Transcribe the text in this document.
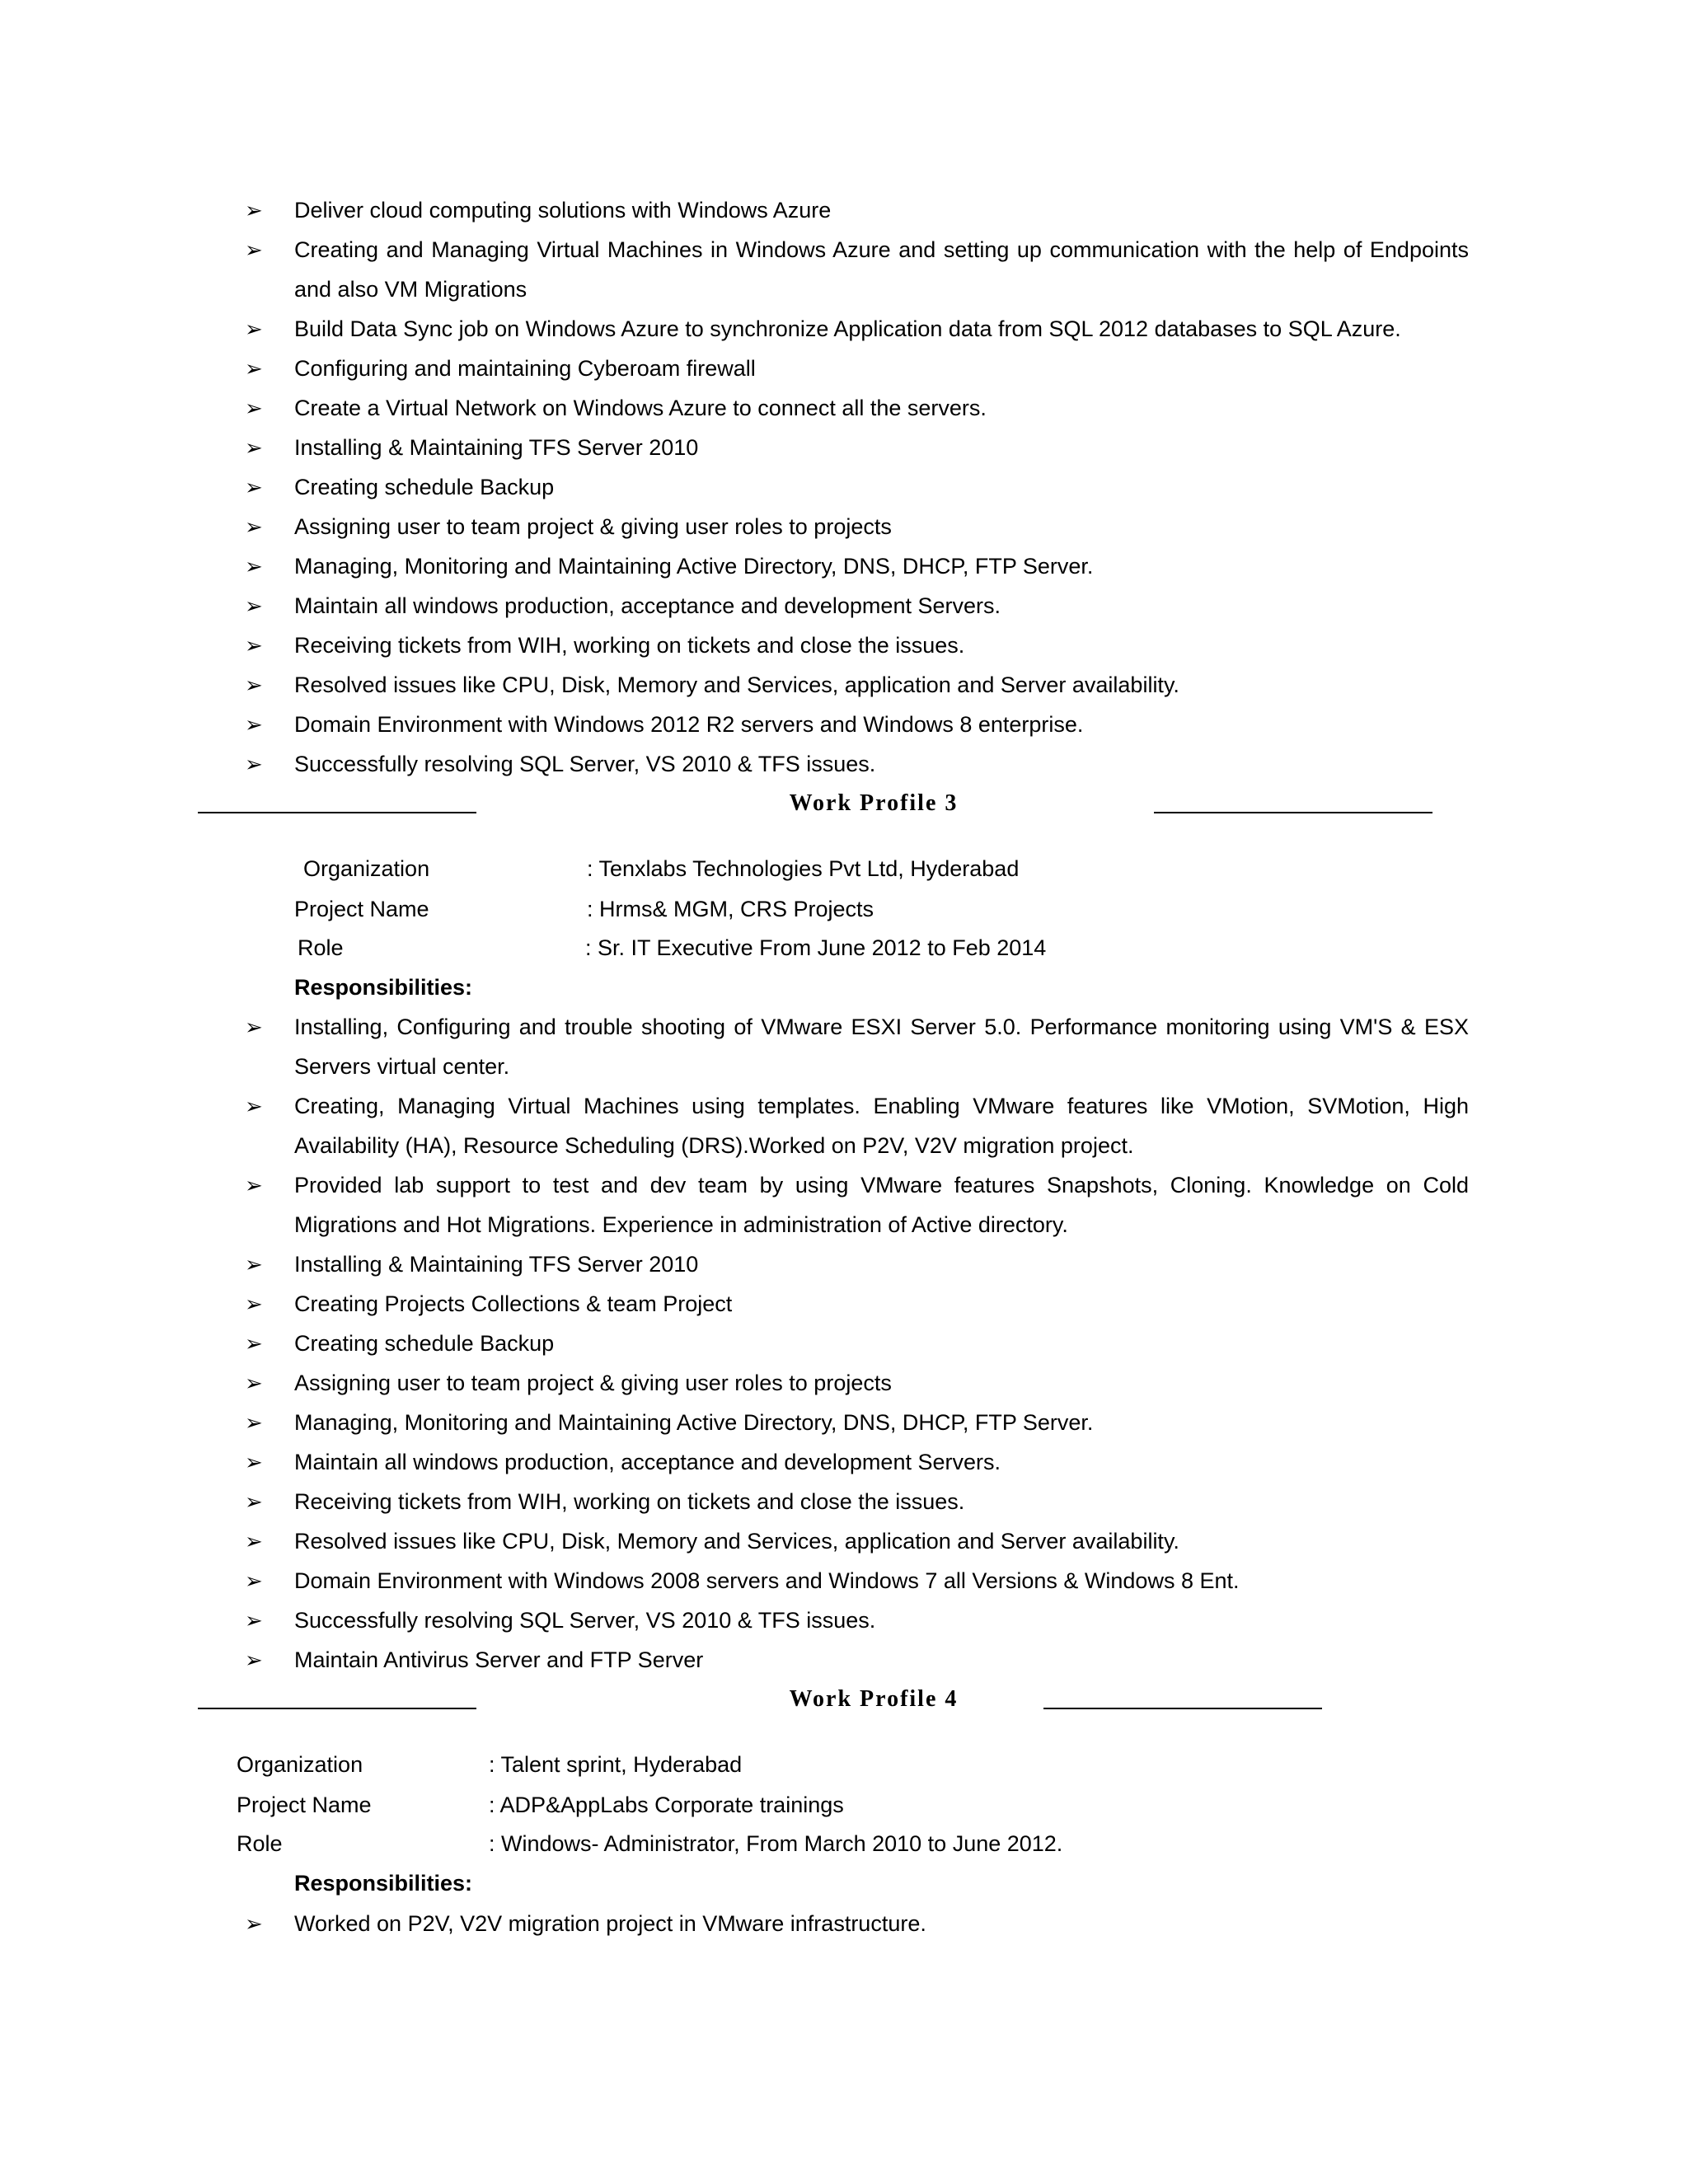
➢ Deliver cloud computing solutions with Windows Azure
➢ Creating and Managing Virtual Machines in Windows Azure and setting up communication with the help of Endpoints and also VM Migrations
➢ Build Data Sync job on Windows Azure to synchronize Application data from SQL 2012 databases to SQL Azure.
➢ Configuring and maintaining Cyberoam firewall
➢ Create a Virtual Network on Windows Azure to connect all the servers.
➢ Installing & Maintaining TFS Server 2010
➢ Creating schedule Backup
➢ Assigning user to team project & giving user roles to projects
➢ Managing, Monitoring and Maintaining Active Directory, DNS, DHCP, FTP Server.
➢ Maintain all windows production, acceptance and development Servers.
➢ Receiving tickets from WIH, working on tickets and close the issues.
➢ Resolved issues like CPU, Disk, Memory and Services, application and Server availability.
➢ Domain Environment with Windows 2012 R2 servers and Windows 8 enterprise.
➢ Successfully resolving SQL Server, VS 2010 & TFS issues.
Work Profile 3
Organization	: Tenxlabs Technologies Pvt Ltd, Hyderabad
Project Name	: Hrms& MGM, CRS Projects
Role	: Sr. IT Executive From June 2012 to Feb 2014
Responsibilities:
➢ Installing, Configuring and trouble shooting of VMware ESXI Server 5.0. Performance monitoring using VM'S & ESX Servers virtual center.
➢ Creating, Managing Virtual Machines using templates. Enabling VMware features like VMotion, SVMotion, High Availability (HA), Resource Scheduling (DRS).Worked on P2V, V2V migration project.
➢ Provided lab support to test and dev team by using VMware features Snapshots, Cloning. Knowledge on Cold Migrations and Hot Migrations. Experience in administration of Active directory.
➢ Installing & Maintaining TFS Server 2010
➢ Creating Projects Collections & team Project
➢ Creating schedule Backup
➢ Assigning user to team project & giving user roles to projects
➢ Managing, Monitoring and Maintaining Active Directory, DNS, DHCP, FTP Server.
➢ Maintain all windows production, acceptance and development Servers.
➢ Receiving tickets from WIH, working on tickets and close the issues.
➢ Resolved issues like CPU, Disk, Memory and Services, application and Server availability.
➢ Domain Environment with Windows 2008 servers and Windows 7 all Versions & Windows 8 Ent.
➢ Successfully resolving SQL Server, VS 2010 & TFS issues.
➢ Maintain Antivirus Server and FTP Server
Work Profile 4
Organization	: Talent sprint, Hyderabad
Project Name	: ADP&AppLabs Corporate trainings
Role	: Windows- Administrator, From March 2010 to June 2012.
Responsibilities:
➢ Worked on P2V, V2V migration project in VMware infrastructure.
